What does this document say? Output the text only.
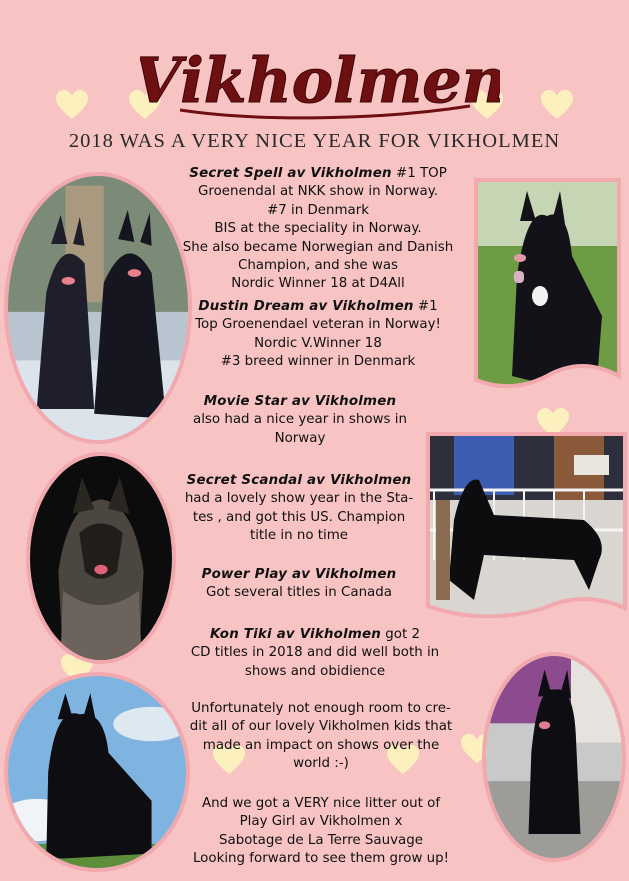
Vikholmen
2018 WAS A VERY NICE YEAR FOR VIKHOLMEN
Secret Spell av Vikholmen #1 TOP
Groenendal at NKK show in Norway.
#7 in Denmark
BIS at the speciality in Norway.
She also became Norwegian and Danish
Champion, and she was
Nordic Winner 18 at D4All
Dustin Dream av Vikholmen #1
Top Groenendael veteran in Norway!
Nordic V.Winner 18
#3 breed winner in Denmark
Movie Star av Vikholmen
also had a nice year in shows in
Norway
Secret Scandal av Vikholmen
had a lovely show year in the Sta-
tes , and got this US. Champion
title in no time
Power Play av Vikholmen
Got several titles in Canada
Kon Tiki av Vikholmen got 2
CD titles in 2018 and did well both in
shows and obidience
Unfortunately not enough room to cre-
dit all of our lovely Vikholmen kids that
made an impact on shows over the
world :-)
And we got a VERY nice litter out of
Play Girl av Vikholmen x
Sabotage de La Terre Sauvage
Looking forward to see them grow up!
